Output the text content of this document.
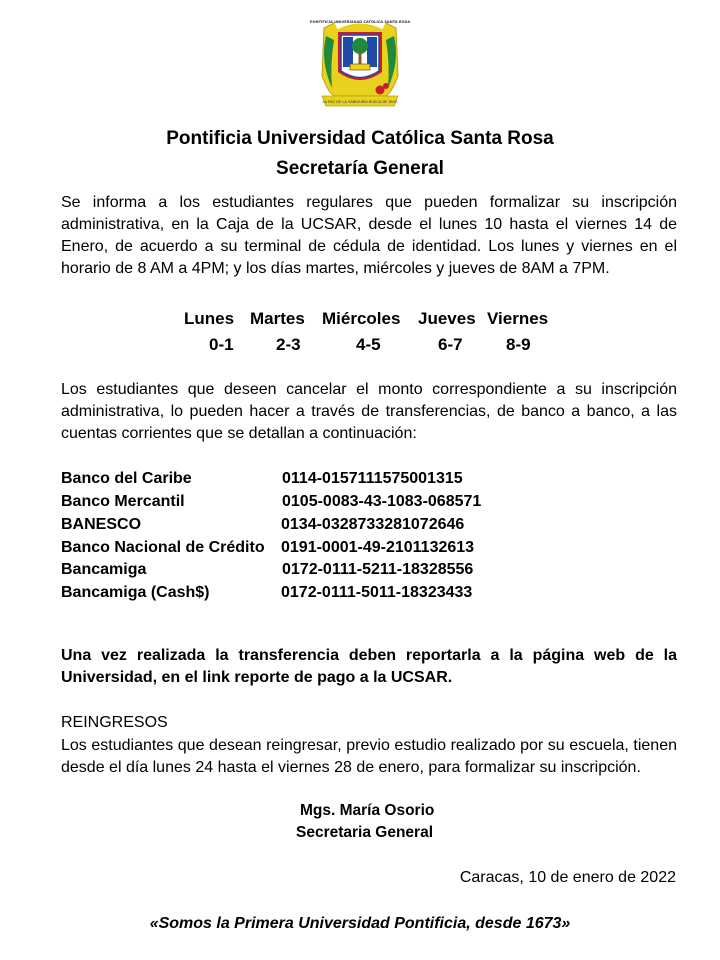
PONTIFICIA UNIVERSIDAD CATÓLICA SANTA ROSA
LA PAZ DE LA SABIDURÍA BUSCA DE DIOS
Pontificia Universidad Católica Santa Rosa
Secretaría General
Se informa a los estudiantes regulares que pueden formalizar su inscripción administrativa, en la Caja de la UCSAR, desde el lunes 10 hasta el viernes 14 de Enero, de acuerdo a su terminal de cédula de identidad. Los lunes y viernes en el horario de 8 AM a 4PM; y los días martes, miércoles y jueves de 8AM a 7PM.
Lunes Martes Miércoles Jueves Viernes
0-1 2-3	4-5	6-7	8-9
Los estudiantes que deseen cancelar el monto correspondiente a su inscripción administrativa, lo pueden hacer a través de transferencias, de banco a banco, a las cuentas corrientes que se detallan a continuación:
Banco del Caribe	0114-0157111575001315
Banco Mercantil	0105-0083-43-1083-068571
BANESCO	0134-0328733281072646
Banco Nacional de Crédito 0191-0001-49-2101132613
Bancamiga	0172-0111-5211-18328556
Bancamiga (Cash$)	0172-0111-5011-18323433
Una vez realizada la transferencia deben reportarla a la página web de la Universidad, en el link reporte de pago a la UCSAR.
REINGRESOS
Los estudiantes que desean reingresar, previo estudio realizado por su escuela, tienen desde el día lunes 24 hasta el viernes 28 de enero, para formalizar su inscripción.
Mgs. María Osorio
Secretaria General
Caracas, 10 de enero de 2022
«Somos la Primera Universidad Pontificia, desde 1673»
